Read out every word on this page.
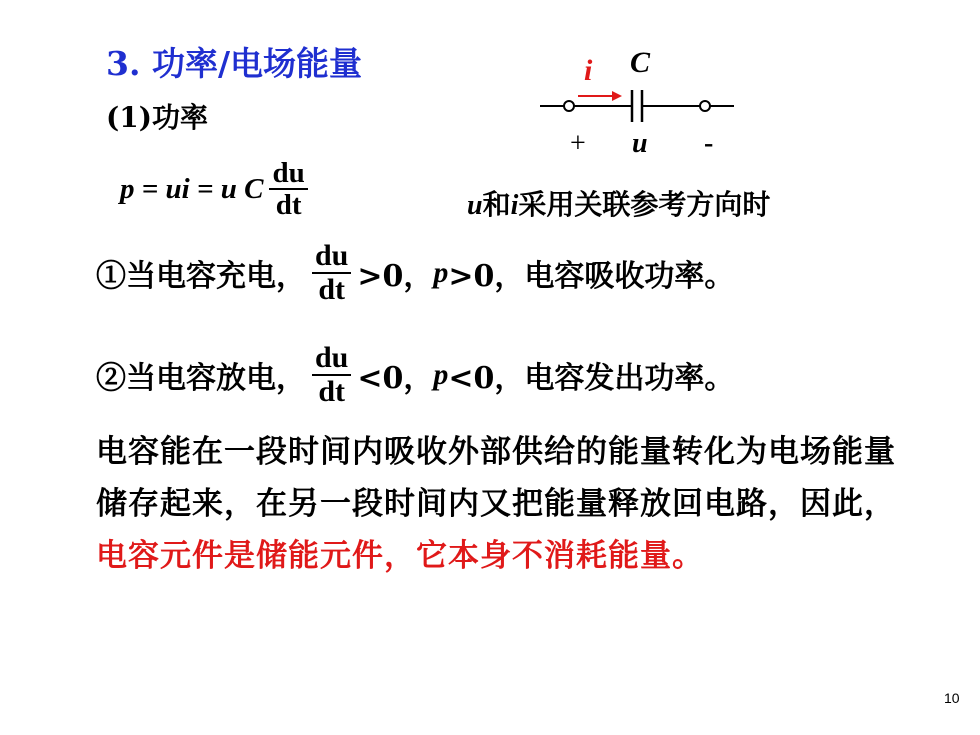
3. 功率/电场能量
(1)功率
i C
+ u -
p = ui = u C $\frac{du}{dt}$	u和i采用关联参考方向时
①当电容充电， $\frac{du}{dt} >0$， p >0，电容吸收功率。
②当电容放电， $\frac{du}{dt} <0$， p <0，电容发出功率。
电容能在一段时间内吸收外部供给的能量转化为电场能量储存起来，在另一段时间内又把能量释放回电路，因此，电容元件是储能元件，它本身不消耗能量。
10
